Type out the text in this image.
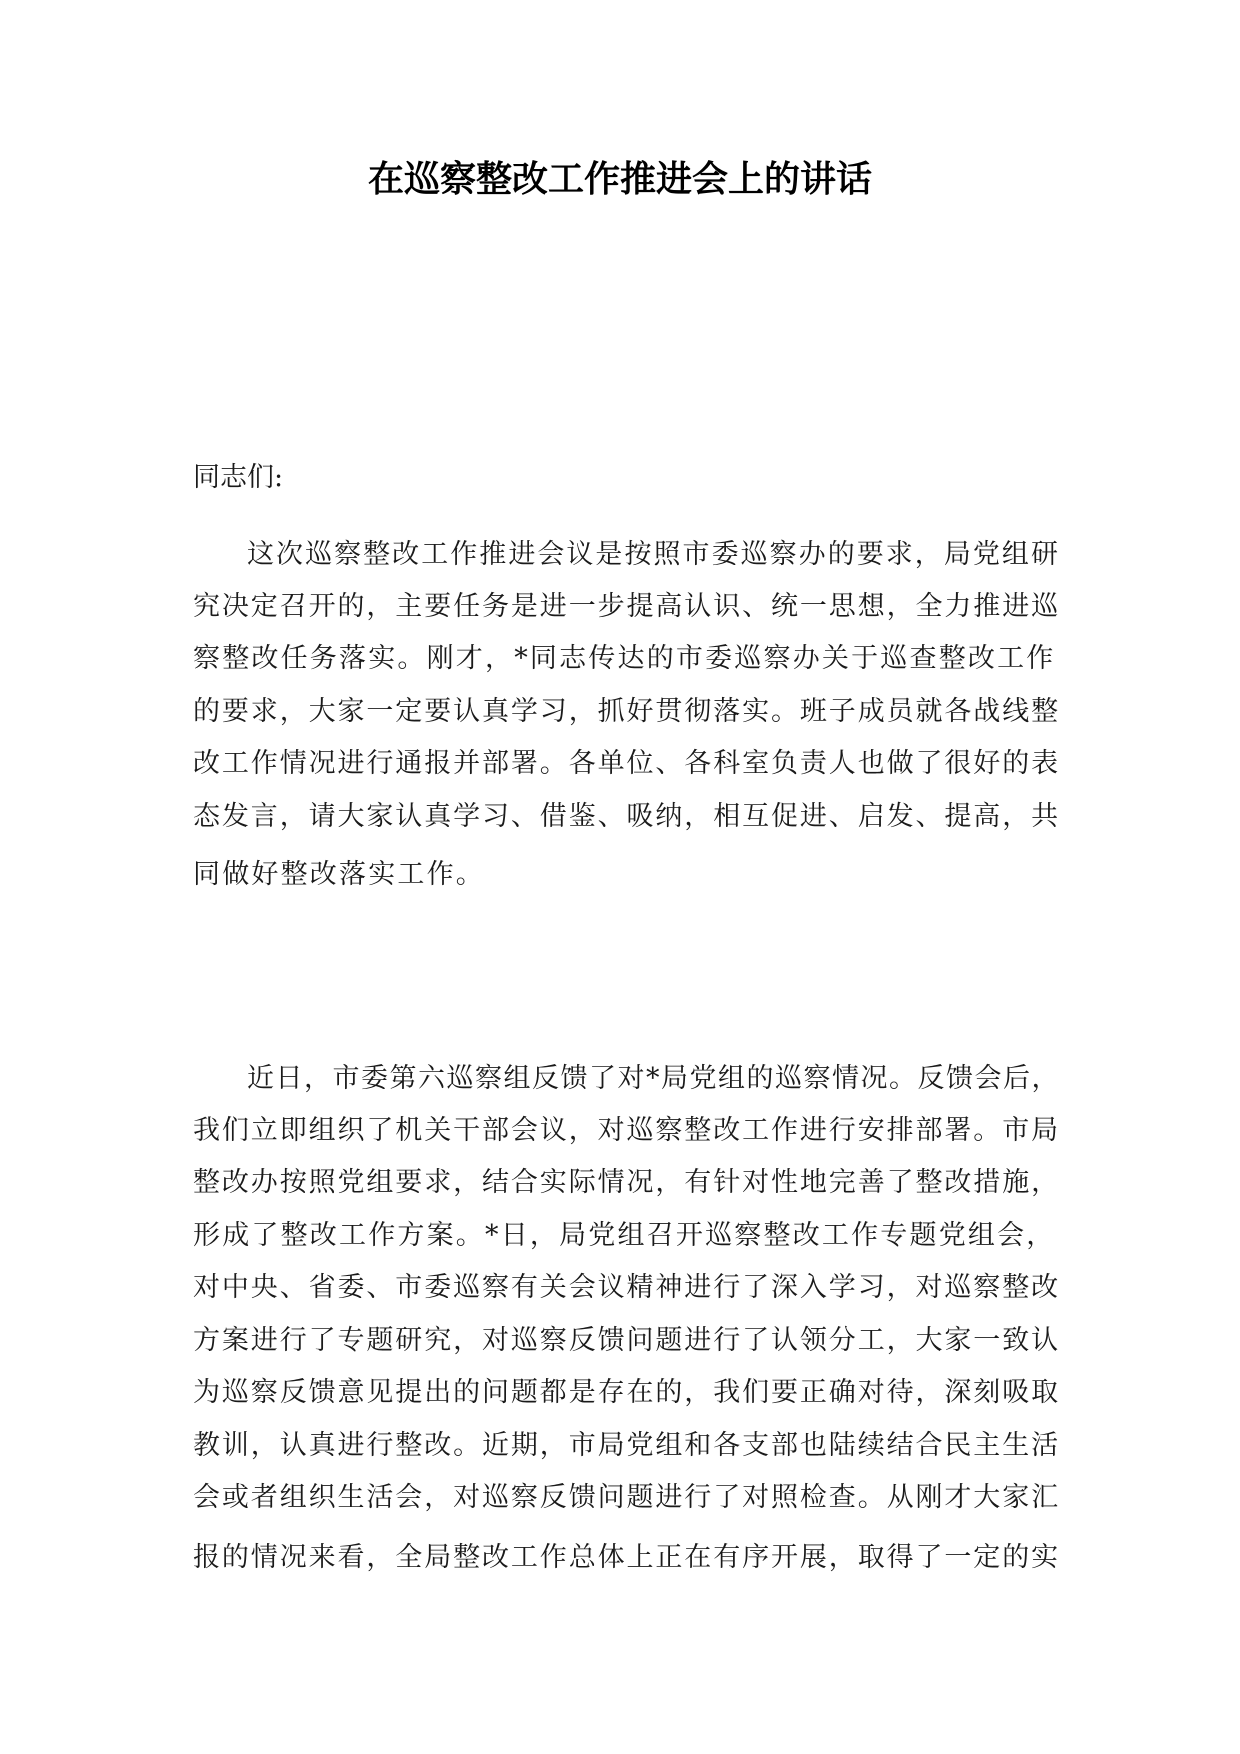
在巡察整改工作推进会上的讲话
同志们:
这次巡察整改工作推进会议是按照市委巡察办的要求，局党组研
究决定召开的，主要任务是进一步提高认识、统一思想，全力推进巡
察整改任务落实。刚才，*同志传达的市委巡察办关于巡查整改工作
的要求，大家一定要认真学习，抓好贯彻落实。班子成员就各战线整
改工作情况进行通报并部署。各单位、各科室负责人也做了很好的表
态发言，请大家认真学习、借鉴、吸纳，相互促进、启发、提高，共
同做好整改落实工作。
近日，市委第六巡察组反馈了对*局党组的巡察情况。反馈会后，
我们立即组织了机关干部会议，对巡察整改工作进行安排部署。市局
整改办按照党组要求，结合实际情况，有针对性地完善了整改措施，
形成了整改工作方案。*日，局党组召开巡察整改工作专题党组会，
对中央、省委、市委巡察有关会议精神进行了深入学习，对巡察整改
方案进行了专题研究，对巡察反馈问题进行了认领分工，大家一致认
为巡察反馈意见提出的问题都是存在的，我们要正确对待，深刻吸取
教训，认真进行整改。近期，市局党组和各支部也陆续结合民主生活
会或者组织生活会，对巡察反馈问题进行了对照检查。从刚才大家汇
报的情况来看，全局整改工作总体上正在有序开展，取得了一定的实
